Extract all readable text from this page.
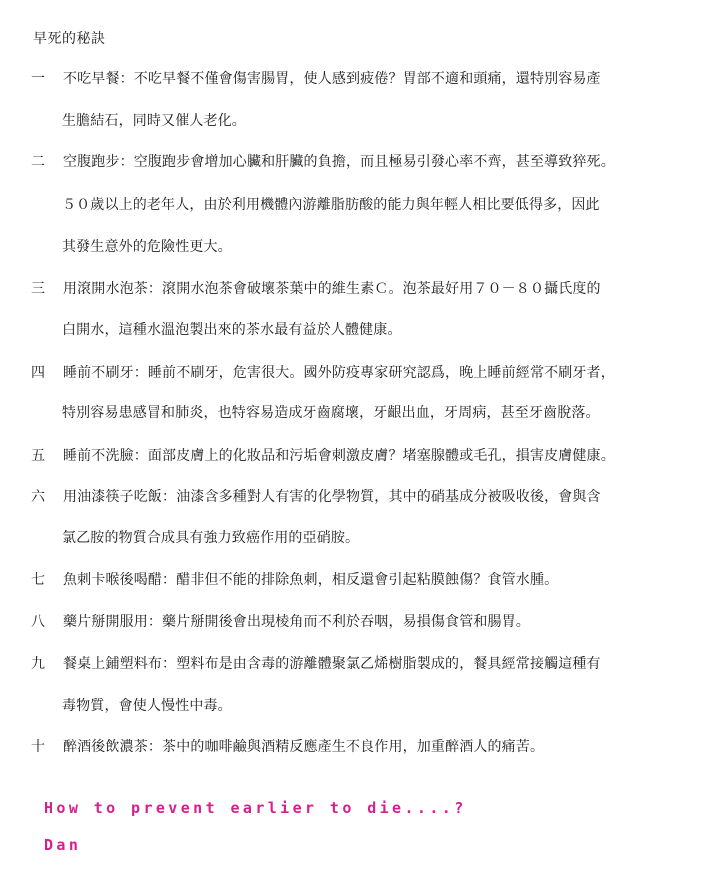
早死的秘訣
一 不吃早餐：不吃早餐不僅會傷害腸胃，使人感到疲倦？胃部不適和頭痛，還特別容易產
生膽結石，同時又催人老化。
二 空腹跑步：空腹跑步會增加心臟和肝臟的負擔，而且極易引發心率不齊，甚至導致猝死。
５０歲以上的老年人，由於利用機體內游離脂肪酸的能力與年輕人相比要低得多，因此
其發生意外的危險性更大。
三 用滾開水泡茶：滾開水泡茶會破壞茶葉中的維生素Ｃ。泡茶最好用７０－８０攝氏度的
白開水，這種水溫泡製出來的茶水最有益於人體健康。
四 睡前不刷牙：睡前不刷牙，危害很大。國外防疫專家研究認爲，晚上睡前經常不刷牙者，
特別容易患感冒和肺炎，也特容易造成牙齒腐壞，牙齦出血，牙周病，甚至牙齒脫落。
五 睡前不洗臉：面部皮膚上的化妝品和污垢會刺激皮膚？堵塞腺體或毛孔，損害皮膚健康。
六 用油漆筷子吃飯：油漆含多種對人有害的化學物質，其中的硝基成分被吸收後，會與含
氯乙胺的物質合成具有強力致癌作用的亞硝胺。
七 魚刺卡喉後喝醋：醋非但不能的排除魚刺，相反還會引起粘膜蝕傷？食管水腫。
八 藥片掰開服用：藥片掰開後會出現棱角而不利於吞咽，易損傷食管和腸胃。
九 餐桌上鋪塑料布：塑料布是由含毒的游離體聚氯乙烯樹脂製成的，餐具經常接觸這種有
毒物質，會使人慢性中毒。
十 醉酒後飲濃茶：茶中的咖啡鹼與酒精反應產生不良作用，加重醉酒人的痛苦。
How to prevent earlier to die....?
Dan
